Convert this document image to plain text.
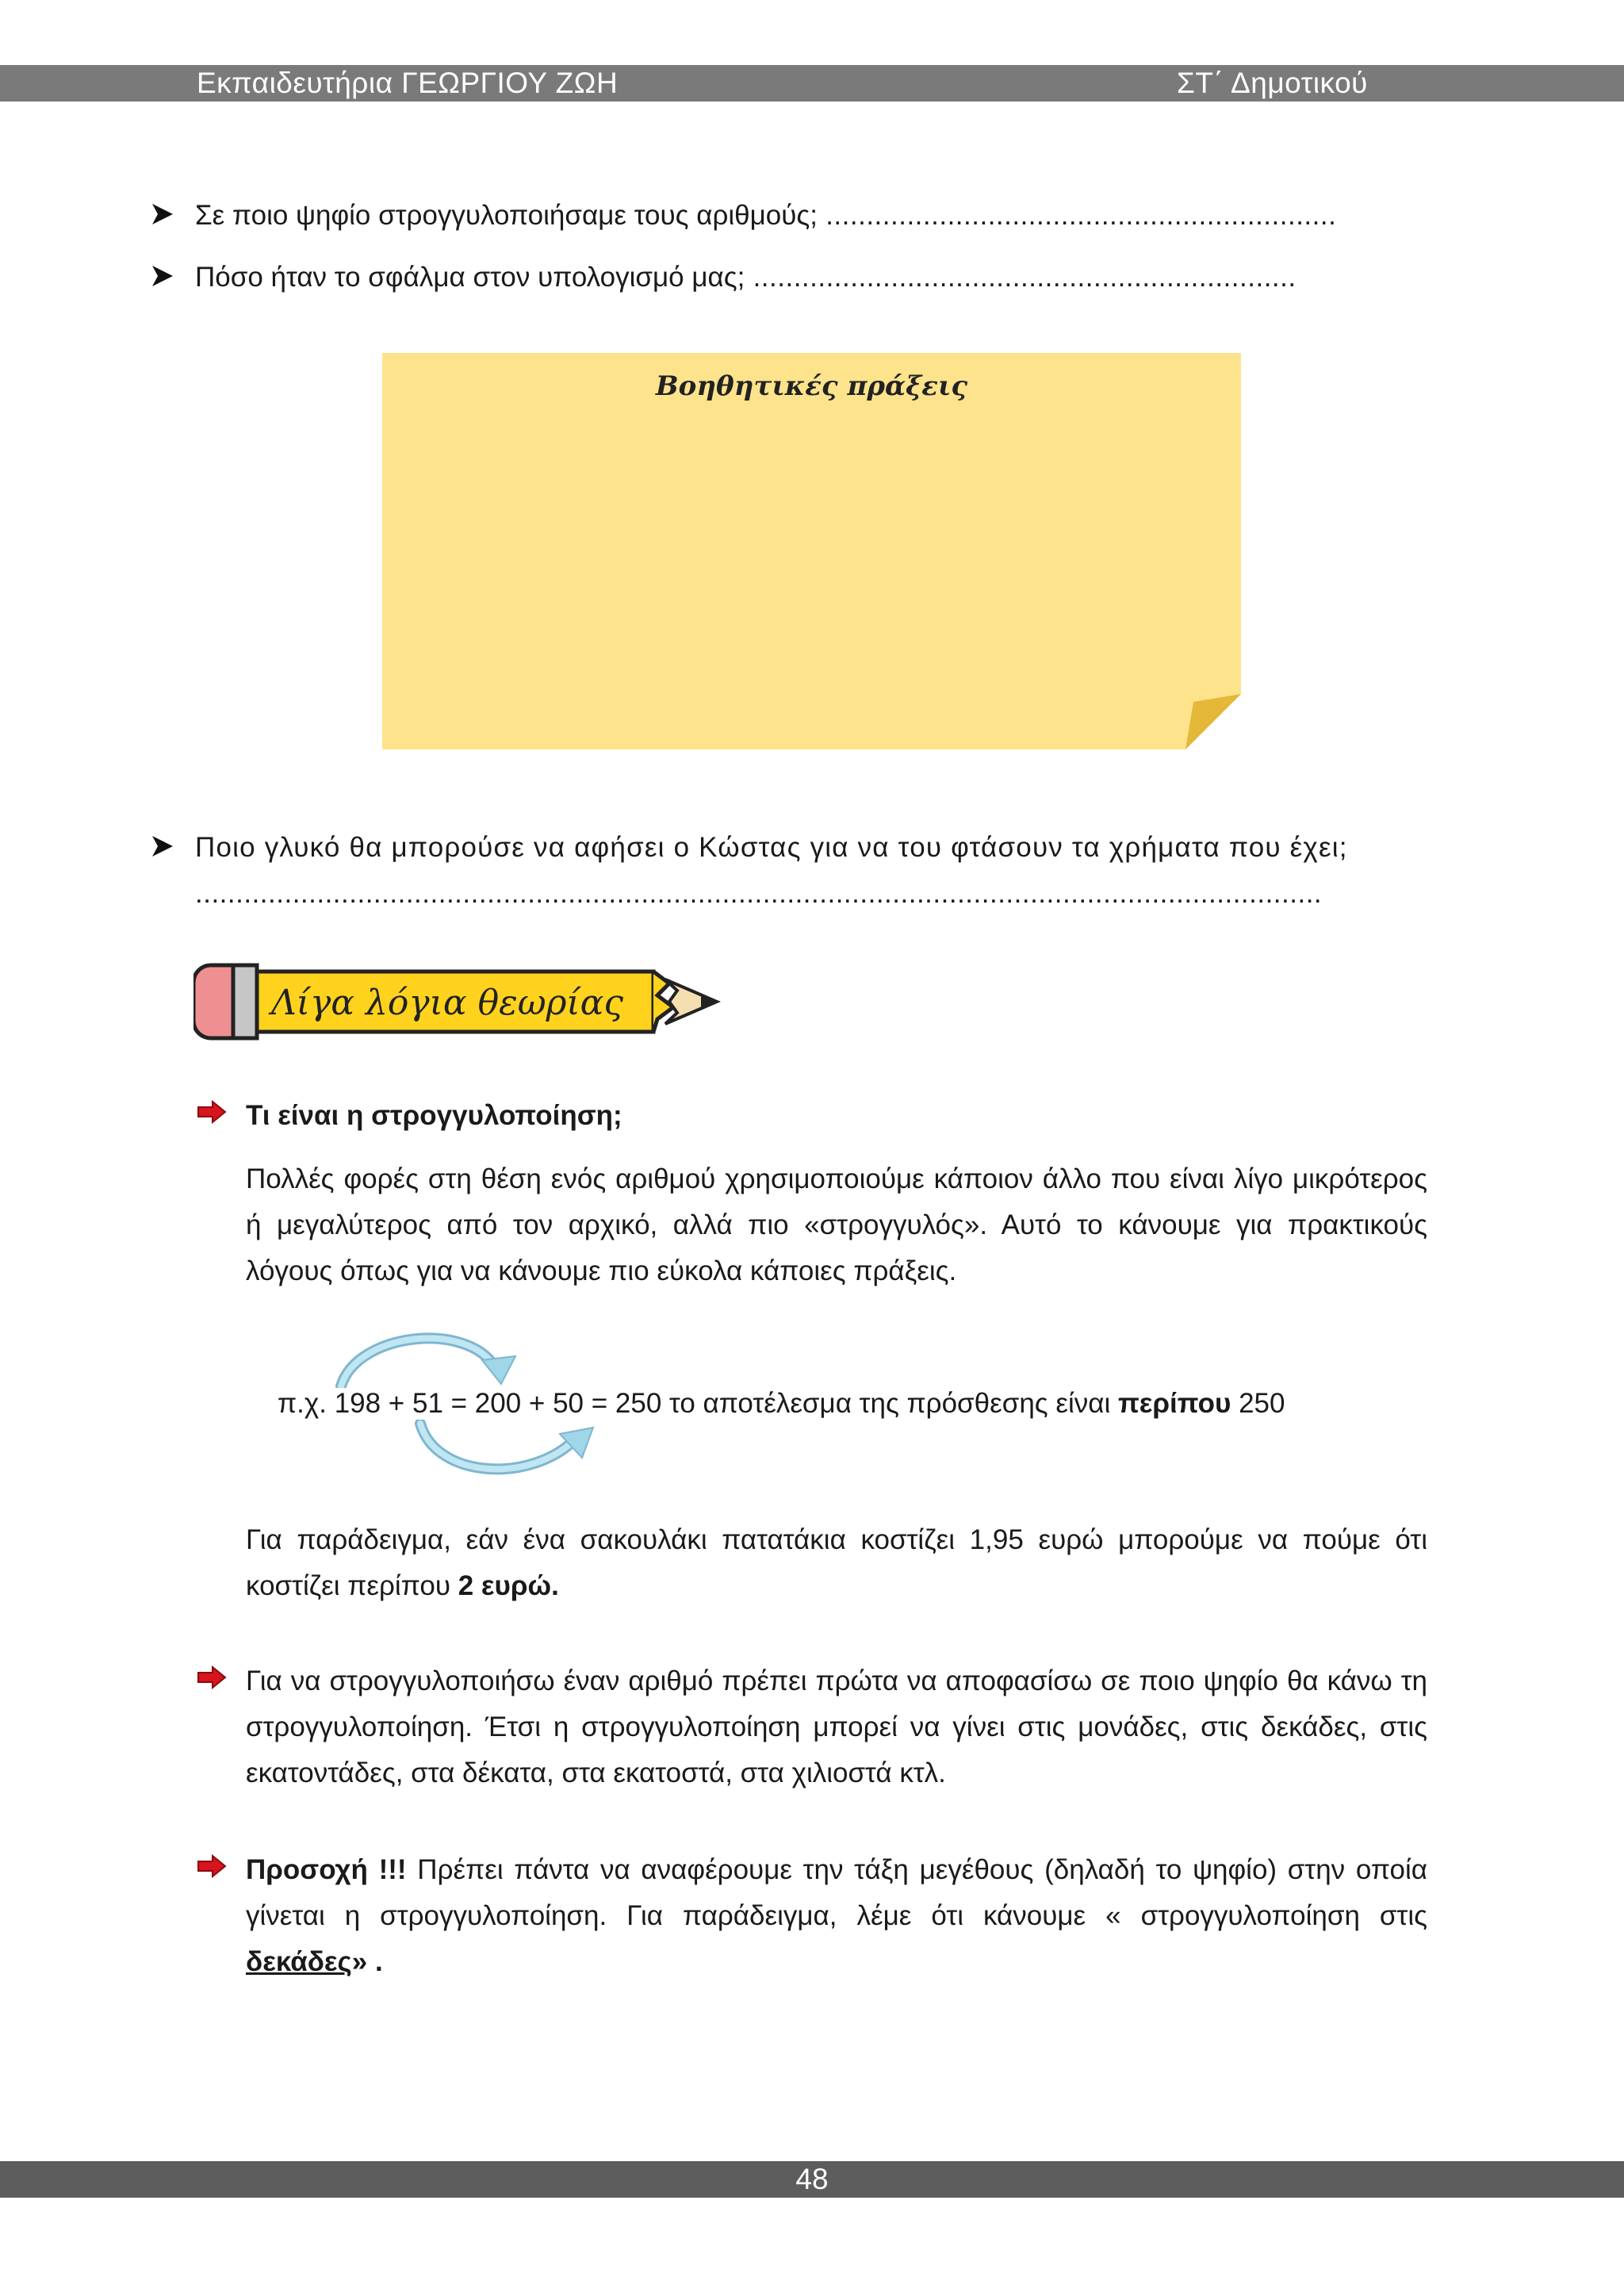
Εκπαιδευτήρια ΓΕΩΡΓΙΟΥ ΖΩΗ	ΣΤ΄ Δημοτικού
Σε ποιο ψηφίο στρογγυλοποιήσαμε τους αριθμούς; ...............................................................
Πόσο ήταν το σφάλμα στον υπολογισμό μας; ...................................................................
Βοηθητικές πράξεις
Ποιο γλυκό θα μπορούσε να αφήσει ο Κώστας για να του φτάσουν τα χρήματα που έχει;
...........................................................................................................................................
Λίγα λόγια θεωρίας
Τι είναι η στρογγυλοποίηση;
Πολλές φορές στη θέση ενός αριθμού χρησιμοποιούμε κάποιον άλλο που είναι λίγο μικρότερος ή μεγαλύτερος από τον αρχικό, αλλά πιο «στρογγυλός». Αυτό το κάνουμε για πρακτικούς λόγους όπως για να κάνουμε πιο εύκολα κάποιες πράξεις.
π.χ. 198 + 51 = 200 + 50 = 250 το αποτέλεσμα της πρόσθεσης είναι περίπου 250
Για παράδειγμα, εάν ένα σακουλάκι πατατάκια κοστίζει 1,95 ευρώ μπορούμε να πούμε ότι κοστίζει περίπου 2 ευρώ.
Για να στρογγυλοποιήσω έναν αριθμό πρέπει πρώτα να αποφασίσω σε ποιο ψηφίο θα κάνω τη στρογγυλοποίηση. Έτσι η στρογγυλοποίηση μπορεί να γίνει στις μονάδες, στις δεκάδες, στις εκατοντάδες, στα δέκατα, στα εκατοστά, στα χιλιοστά κτλ.
Προσοχή !!! Πρέπει πάντα να αναφέρουμε την τάξη μεγέθους (δηλαδή το ψηφίο) στην οποία γίνεται η στρογγυλοποίηση. Για παράδειγμα, λέμε ότι κάνουμε « στρογγυλοποίηση στις δεκάδες» .
48
